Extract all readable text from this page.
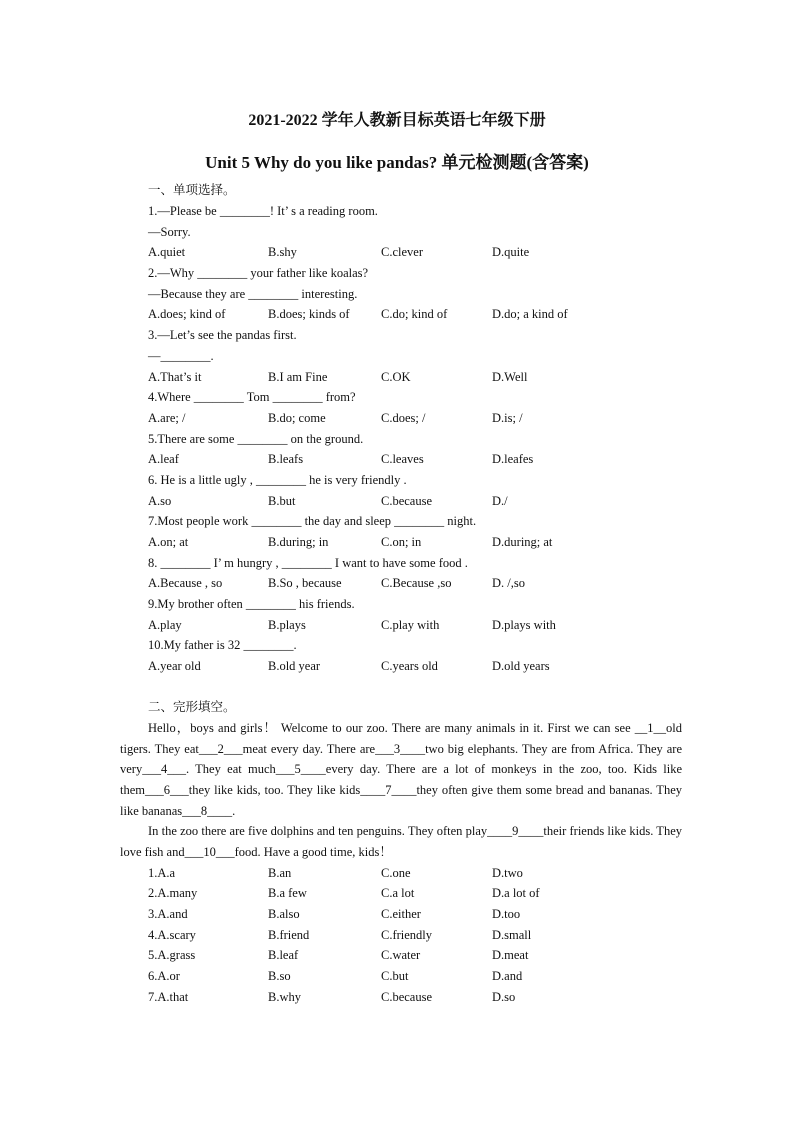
2021-2022 学年人教新目标英语七年级下册
Unit 5 Why do you like pandas? 单元检测题(含答案)
一、单项选择。
1.—Please be ________! It’ s a reading room.
—Sorry.
A.quiet	B.shy	C.clever	D.quite
2.—Why ________ your father like koalas?
—Because they are ________ interesting.
A.does; kind of	B.does; kinds of	C.do; kind of	D.do; a kind of
3.—Let’s see the pandas first.
—________.
A.That’s it	B.I am Fine	C.OK	D.Well
4.Where ________ Tom ________ from?
A.are; /	B.do; come	C.does; /	D.is; /
5.There are some ________ on the ground.
A.leaf	B.leafs	C.leaves	D.leafes
6. He is a little ugly , ________ he is very friendly .
A.so	B.but	C.because	D./
7.Most people work ________ the day and sleep ________ night.
A.on; at	B.during; in	C.on; in	D.during; at
8. ________ I’ m hungry , ________ I want to have some food .
A.Because , so	B.So , because	C.Because ,so	D. /,so
9.My brother often ________ his friends.
A.play	B.plays	C.play with	D.plays with
10.My father is 32 ________.
A.year old	B.old year	C.years old	D.old years
二、完形填空。

Hello，boys and girls！ Welcome to our zoo. There are many animals in it. First we can see __1__old tigers. They eat___2___meat every day. There are___3____two big elephants. They are from Africa. They are very___4___. They eat much___5____every day. There are a lot of monkeys in the zoo, too. Kids like them___6___they like kids, too. They like kids____7____they often give them some bread and bananas. They like bananas___8____.

In the zoo there are five dolphins and ten penguins. They often play____9____their friends like kids. They love fish and___10___food. Have a good time, kids！

1.A.a	B.an	C.one	D.two
2.A.many	B.a few	C.a lot	D.a lot of
3.A.and	B.also	C.either	D.too
4.A.scary	B.friend	C.friendly	D.small
5.A.grass	B.leaf	C.water	D.meat
6.A.or	B.so	C.but	D.and
7.A.that	B.why	C.because	D.so
